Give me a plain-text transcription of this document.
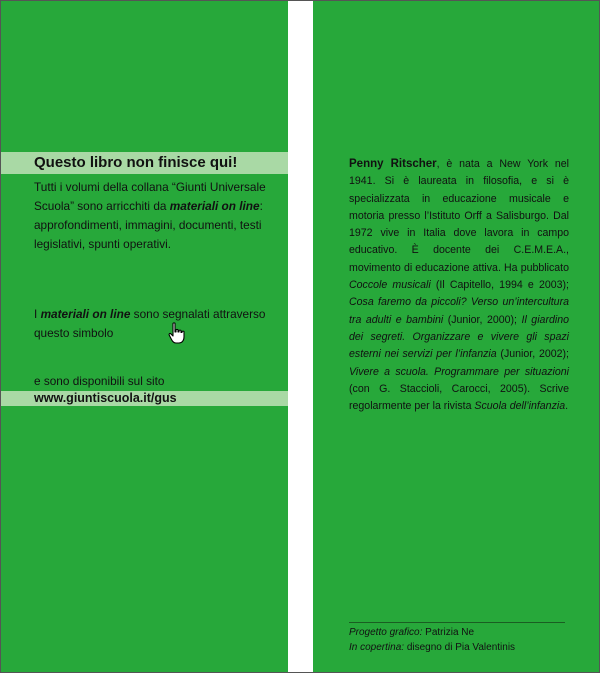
Questo libro non finisce qui!
Tutti i volumi della collana “Giunti Universale Scuola” sono arricchiti da materiali on line: approfondimenti, immagini, documenti, testi legislativi, spunti operativi.
I materiali on line sono segnalati attraverso questo simbolo
e sono disponibili sul sito
www.giuntiscuola.it/gus
Penny Ritscher, è nata a New York nel 1941. Si è laureata in filosofia, e si è specializzata in educazione musicale e motoria presso l’Istituto Orff a Salisburgo. Dal 1972 vive in Italia dove lavora in campo educativo. È docente dei C.E.M.E.A., movimento di educazione attiva. Ha pubblicato Coccole musicali (Il Capitello, 1994 e 2003); Cosa faremo da piccoli? Verso un’intercultura tra adulti e bambini (Junior, 2000); Il giardino dei segreti. Organizzare e vivere gli spazi esterni nei servizi per l’infanzia (Junior, 2002); Vivere a scuola. Programmare per situazioni (con G. Staccioli, Carocci, 2005). Scrive regolarmente per la rivista Scuola dell’infanzia.
Progetto grafico: Patrizia Ne
In copertina: disegno di Pia Valentinis
